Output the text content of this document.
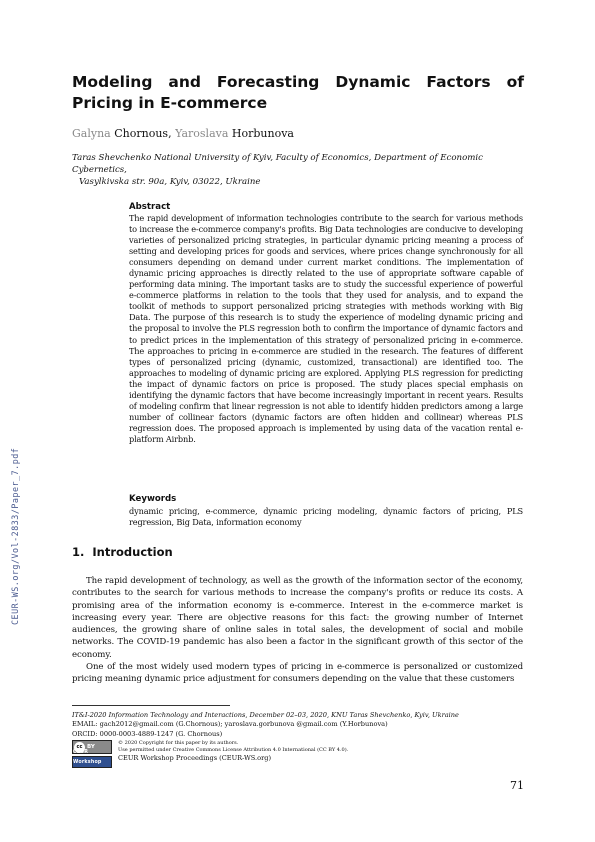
Modeling and Forecasting Dynamic Factors of Pricing in E-commerce
Galyna Chornous, Yaroslava Horbunova
Taras Shevchenko National University of Kyiv, Faculty of Economics, Department of Economic Cybernetics,
Vasylkivska str. 90a, Kyiv, 03022, Ukraine
Abstract

The rapid development of information technologies contribute to the search for various methods to increase the e-commerce company's profits. Big Data technologies are conducive to developing varieties of personalized pricing strategies, in particular dynamic pricing meaning a process of setting and developing prices for goods and services, where prices change synchronously for all consumers depending on demand under current market conditions. The implementation of dynamic pricing approaches is directly related to the use of appropriate software capable of performing data mining. The important tasks are to study the successful experience of powerful e-commerce platforms in relation to the tools that they used for analysis, and to expand the toolkit of methods to support personalized pricing strategies with methods working with Big Data. The purpose of this research is to study the experience of modeling dynamic pricing and the proposal to involve the PLS regression both to confirm the importance of dynamic factors and to predict prices in the implementation of this strategy of personalized pricing in e-commerce. The approaches to pricing in e-commerce are studied in the research. The features of different types of personalized pricing (dynamic, customized, transactional) are identified too. The approaches to modeling of dynamic pricing are explored. Applying PLS regression for predicting the impact of dynamic factors on price is proposed. The study places special emphasis on identifying the dynamic factors that have become increasingly important in recent years. Results of modeling confirm that linear regression is not able to identify hidden predictors among a large number of collinear factors (dynamic factors are often hidden and collinear) whereas PLS regression does. The proposed approach is implemented by using data of the vacation rental e-platform Airbnb.

Keywords

dynamic pricing, e-commerce, dynamic pricing modeling, dynamic factors of pricing, PLS regression, Big Data, information economy

1. Introduction

The rapid development of technology, as well as the growth of the information sector of the economy, contributes to the search for various methods to increase the company's profits or reduce its costs. A promising area of the information economy is e-commerce. Interest in the e-commerce market is increasing every year. There are objective reasons for this fact: the growing number of Internet audiences, the growing share of online sales in total sales, the development of social and mobile networks. The COVID-19 pandemic has also been a factor in the significant growth of this sector of the economy.

One of the most widely used modern types of pricing in e-commerce is personalized or customized pricing meaning dynamic price adjustment for consumers depending on the value that these customers

IT&I-2020 Information Technology and Interactions, December 02–03, 2020, KNU Taras Shevchenko, Kyiv, Ukraine
EMAIL: gach2012@gmail.com (G.Chornous); yaroslava.gorbunova @gmail.com (Y.Horbunova)
ORCID: 0000-0003-4889-1247 (G. Chornous)
cc BY
Workshop Proceedings
© 2020 Copyright for this paper by its authors.
Use permitted under Creative Commons License Attribution 4.0 International (CC BY 4.0).
CEUR Workshop Proceedings (CEUR-WS.org)
71
CEUR-WS.org/Vol-2833/Paper_7.pdf
